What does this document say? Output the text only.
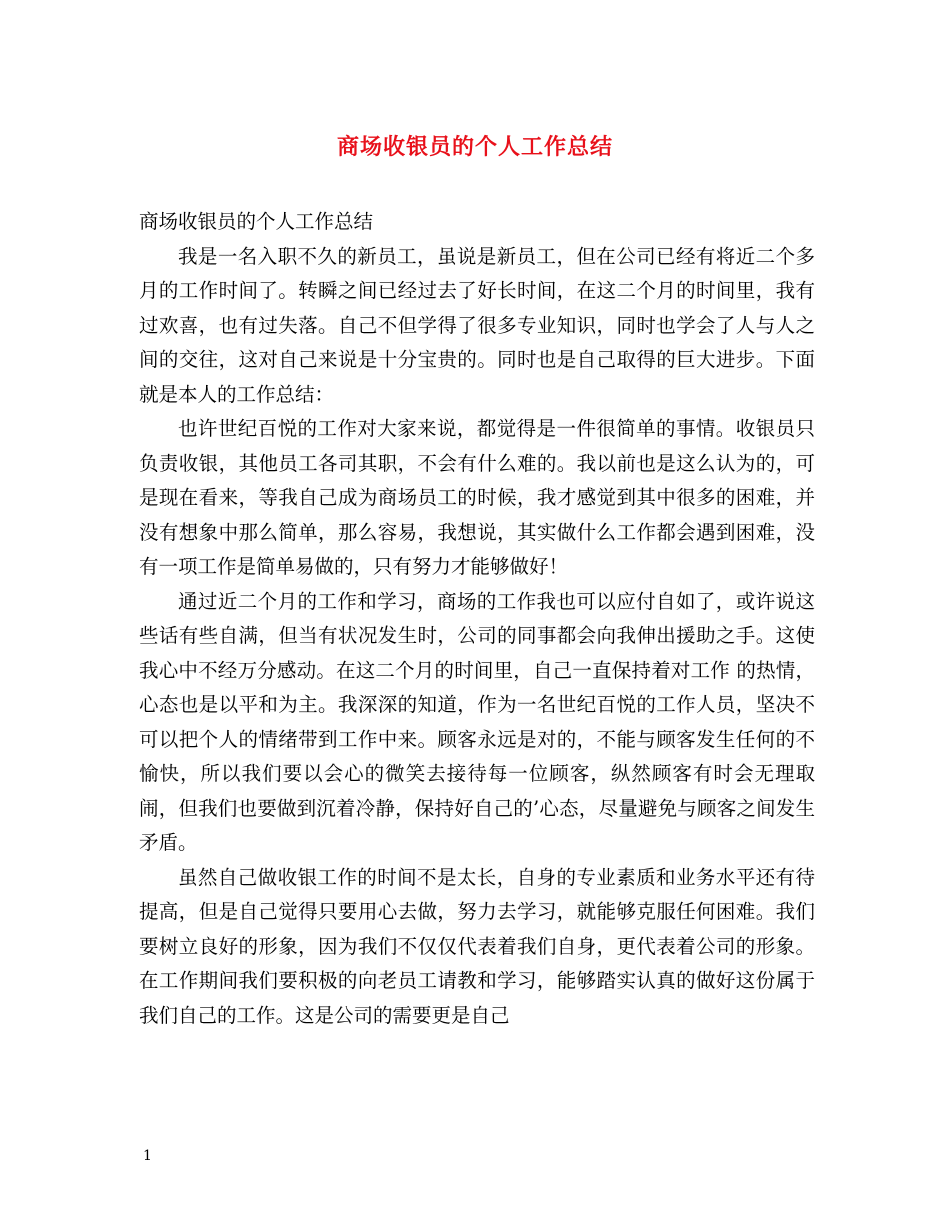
商场收银员的个人工作总结

商场收银员的个人工作总结

我是一名入职不久的新员工，虽说是新员工，但在公司已经有将近二个多月的工作时间了。转瞬之间已经过去了好长时间，在这二个月的时间里，我有过欢喜，也有过失落。自己不但学得了很多专业知识，同时也学会了人与人之间的交往，这对自己来说是十分宝贵的。同时也是自己取得的巨大进步。下面就是本人的工作总结：

也许世纪百悦的工作对大家来说，都觉得是一件很简单的事情。收银员只负责收银，其他员工各司其职，不会有什么难的。我以前也是这么认为的，可是现在看来，等我自己成为商场员工的时候，我才感觉到其中很多的困难，并没有想象中那么简单，那么容易，我想说，其实做什么工作都会遇到困难，没有一项工作是简单易做的，只有努力才能够做好！

通过近二个月的工作和学习，商场的工作我也可以应付自如了，或许说这些话有些自满，但当有状况发生时，公司的同事都会向我伸出援助之手。这使我心中不经万分感动。在这二个月的时间里，自己一直保持着对工作 的热情，心态也是以平和为主。我深深的知道，作为一名世纪百悦的工作人员，坚决不可以把个人的情绪带到工作中来。顾客永远是对的，不能与顾客发生任何的不愉快，所以我们要以会心的微笑去接待每一位顾客，纵然顾客有时会无理取闹，但我们也要做到沉着冷静，保持好自己的’心态，尽量避免与顾客之间发生矛盾。

虽然自己做收银工作的时间不是太长，自身的专业素质和业务水平还有待提高，但是自己觉得只要用心去做，努力去学习，就能够克服任何困难。我们要树立良好的形象，因为我们不仅仅代表着我们自身，更代表着公司的形象。在工作期间我们要积极的向老员工请教和学习，能够踏实认真的做好这份属于我们自己的工作。这是公司的需要更是自己

1
